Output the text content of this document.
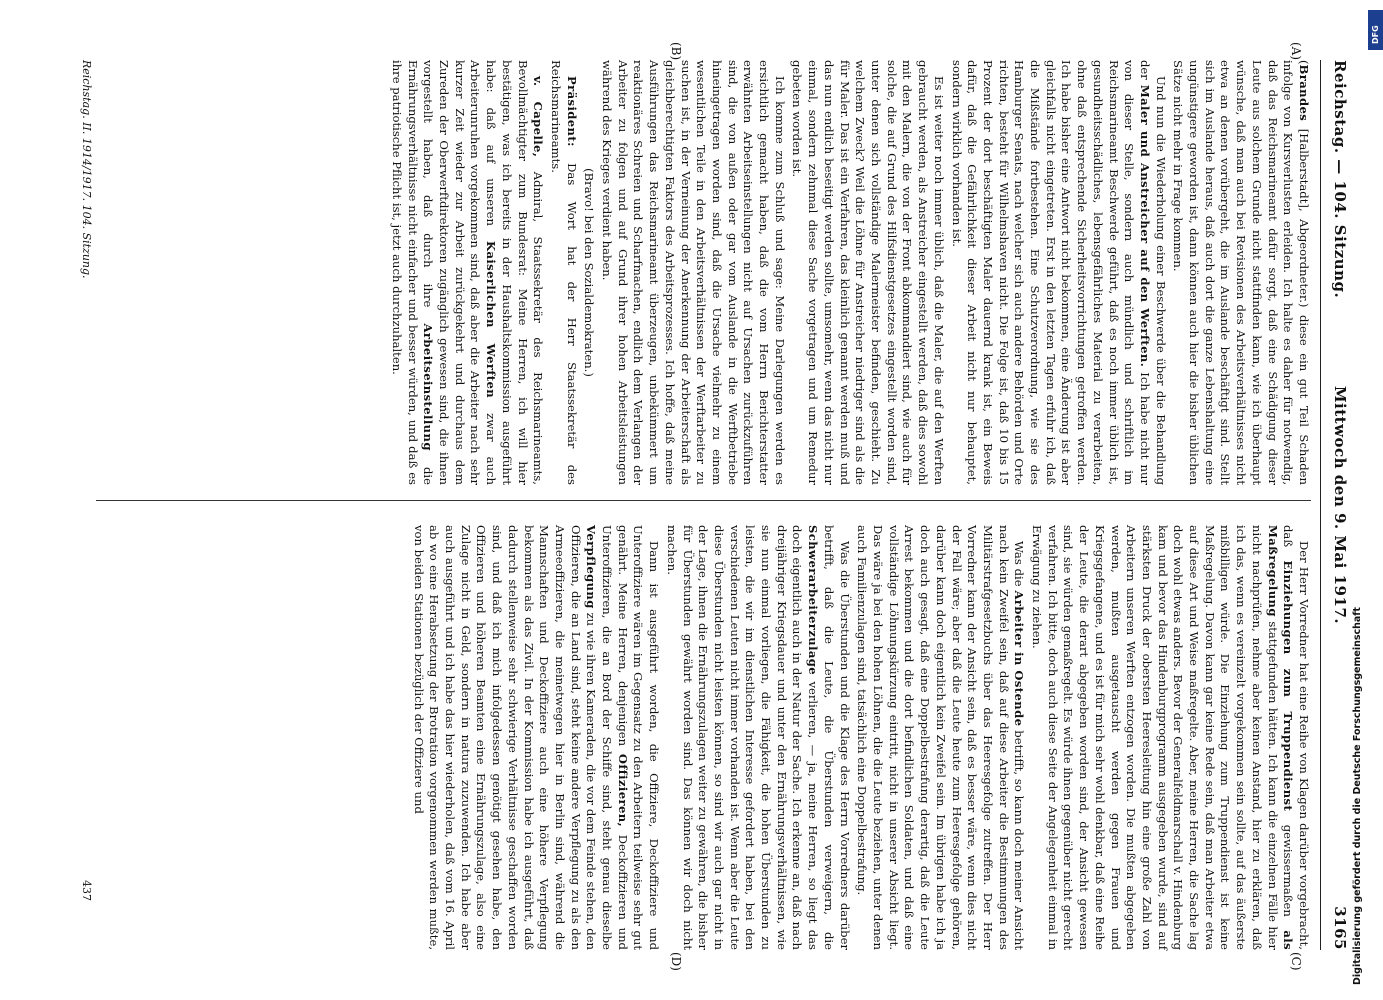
Reichstag. — 104. Sitzung.
Mittwoch den 9. Mai 1917.
3165
(A)
(B)
(C)
(D)

(Brandes [Halberstadt], Abgeordneter.) diese ein gut Teil Schaden infolge von Kursverlusten erleiden. Ich halte es daher für notwendig, daß das Reichsmarineamt dafür sorgt, daß eine Schädigung dieser Leute aus solchem Grunde nicht stattfinden kann, wie ich überhaupt wünsche, daß man auch bei Revisionen des Arbeitsverhältnisses nicht etwa an denen vorübergeht, die im Auslande beschäftigt sind. Stellt sich im Auslande heraus, daß auch dort die ganze Lebenshaltung eine ungünstigere geworden ist, dann können auch hier die bisher üblichen Sätze nicht mehr in Frage kommen.

Und nun die Wiederholung einer Beschwerde über die Behandlung der Maler und Anstreicher auf den Werften. Ich habe nicht nur von dieser Stelle, sondern auch mündlich und schriftlich im Reichsmarineamt Beschwerde geführt, daß es noch immer üblich ist, gesundheitsschädliches, lebensgefährliches Material zu verarbeiten, ohne daß entsprechende Sicherheitsvorrichtungen getroffen werden. Ich habe bisher eine Antwort nicht bekommen, eine Änderung ist aber gleichfalls nicht eingetreten. Erst in den letzten Tagen erfuhr ich, daß die Mißstände fortbestehen. Eine Schutzverordnung, wie sie des Hamburger Senats, nach welcher sich auch andere Behörden und Orte richten, besteht für Wilhelmshaven nicht. Die Folge ist, daß 10 bis 15 Prozent der dort beschäftigten Maler dauernd krank ist, ein Beweis dafür, daß die Gefährlichkeit dieser Arbeit nicht nur behauptet, sondern wirklich vorhanden ist.

Es ist weiter noch immer üblich, daß die Maler, die auf den Werften gebraucht werden, als Anstreicher eingestellt werden, daß dies sowohl mit den Malern, die von der Front abkommandiert sind, wie auch für solche, die auf Grund des Hilfsdienstgesetzes eingestellt worden sind, unter denen sich vollständige Malermeister befinden, geschieht. Zu welchem Zweck? Weil die Löhne für Anstreicher niedriger sind als die für Maler. Das ist ein Verfahren, das kleinlich genannt werden muß und das nun endlich beseitigt werden sollte, umsomehr, wenn das nicht nur einmal, sondern zehnmal diese Sache vorgetragen und um Remedur gebeten worden ist.

Ich komme zum Schluß und sage: Meine Darlegungen werden es ersichtlich gemacht haben, daß die vom Herrn Berichterstatter erwähnten Arbeitseinstellungen nicht auf Ursachen zurückzuführen sind, die von außen oder gar vom Auslande in die Werftbetriebe hineingetragen worden sind, daß die Ursache vielmehr zu einem wesentlichen Teile in den Arbeitsverhältnissen der Werftarbeiter zu suchen ist, in der Verneinung der Anerkennung der Arbeiterschaft als gleichberechtigten Faktors des Arbeitsprozesses. Ich hoffe, daß meine Ausführungen das Reichsmarineamt überzeugen, unbekümmert um reaktionäres Schreien und Scharfmachen, endlich dem Verlangen der Arbeiter zu folgen und auf Grund ihrer hohen Arbeitsleistungen während des Krieges verdient haben.

(Bravo! bei den Sozialdemokraten.)

Präsident: Das Wort hat der Herr Staatssekretär des Reichsmarineamts.

v. Capelle, Admiral, Staatssekretär des Reichsmarineamts, Bevollmächtigter zum Bundesrat: Meine Herren, ich will hier bestätigen, was ich bereits in der Haushaltskommission ausgeführt habe: daß auf unseren Kaiserlichen Werften zwar auch Arbeiterunruhen vorgekommen sind, daß aber die Arbeiter nach sehr kurzer Zeit wieder zur Arbeit zurückgekehrt und durchaus dem Zureden der Oberwerftdirektoren zugänglich gewesen sind, die ihnen vorgestellt haben, daß durch ihre Arbeitseinstellung die Ernährungsverhältnisse nicht einfacher und besser würden, und daß es ihre patriotische Pflicht ist, jetzt auch durchzuhalten.

Der Herr Vorredner hat eine Reihe von Klagen darüber vorgebracht, daß Einziehungen zum Truppendienst gewissermaßen als Maßregelung stattgefunden hätten. Ich kann die einzelnen Fälle hier nicht nachprüfen, nehme aber keinen Anstand, hier zu erklären, daß ich das, wenn es vereinzelt vorgekommen sein sollte, auf das äußerste mißbilligen würde. Die Einziehung zum Truppendienst ist keine Maßregelung. Davon kann gar keine Rede sein, daß man Arbeiter etwa auf diese Art und Weise maßregelte. Aber, meine Herren, die Sache lag doch wohl etwas anders. Bevor der Generalfeldmarschall v. Hindenburg kam und bevor das Hindenburgprogramm ausgegeben wurde, sind auf stärksten Druck der obersten Heeresleitung hin eine große Zahl von Arbeitern unseren Werften entzogen worden. Die mußten abgegeben werden, mußten ausgetauscht werden gegen Frauen und Kriegsgefangene, und es ist für mich sehr wohl denkbar, daß eine Reihe der Leute, die derart abgegeben worden sind, der Ansicht gewesen sind, sie würden gemaßregelt. Es würde ihnen gegenüber nicht gerecht verfahren. Ich bitte, doch auch diese Seite der Angelegenheit einmal in Erwägung zu ziehen.

Was die Arbeiter in Ostende betrifft, so kann doch meiner Ansicht nach kein Zweifel sein, daß auf diese Arbeiter die Bestimmungen des Militärstrafgesetzbuchs über das Heeresgefolge zutreffen. Der Herr Vorredner kann der Ansicht sein, daß es besser wäre, wenn dies nicht der Fall wäre; aber daß die Leute heute zum Heeresgefolge gehören, darüber kann doch eigentlich kein Zweifel sein. Im übrigen habe ich ja doch auch gesagt, daß eine Doppelbestrafung derartig, daß die Leute Arrest bekommen und die dort befindlichen Soldaten, und daß eine vollständige Löhnungskürzung eintritt, nicht in unserer Absicht liegt. Das wäre ja bei den hohen Löhnen, die die Leute beziehen, unter denen auch Familienzulagen sind, tatsächlich eine Doppelbestrafung.

Was die Überstunden und die Klage des Herrn Vorredners darüber betrifft, daß die Leute, die Überstunden verweigern, die Schwerarbeiterzulage verlieren, — ja, meine Herren, so liegt das doch eigentlich auch in der Natur der Sache. Ich erkenne an, daß nach dreijähriger Kriegsdauer und unter den Ernährungsverhältnissen, wie sie nun einmal vorliegen, die Fähigkeit, die hohen Überstunden zu leisten, die wir im dienstlichen Interesse gefordert haben, bei den verschiedenen Leuten nicht immer vorhanden ist. Wenn aber die Leute diese Überstunden nicht leisten können, so sind wir auch gar nicht in der Lage, ihnen die Ernährungszulagen weiter zu gewähren, die bisher für Überstunden gewährt worden sind. Das können wir doch nicht machen.

Dann ist ausgeführt worden, die Offiziere, Deckoffiziere und Unteroffiziere wären im Gegensatz zu den Arbeitern teilweise sehr gut genährt. Meine Herren, denjenigen Offizieren, Deckoffizieren und Unteroffizieren, die an Bord der Schiffe sind, steht genau dieselbe Verpflegung zu wie ihren Kameraden, die vor dem Feinde stehen, den Offizieren, die an Land sind, steht keine andere Verpflegung zu als den Armeeoffizieren, die meinetwegen hier in Berlin sind, während die Mannschaften und Deckoffiziere auch eine höhere Verpflegung bekommen als das Zivil. In der Kommission habe ich ausgeführt, daß dadurch stellenweise sehr schwierige Verhältnisse geschaffen worden sind, und daß ich mich infolgedessen genötigt gesehen habe, den Offizieren und höheren Beamten eine Ernährungszulage, also eine Zulage nicht in Geld, sondern in natura zuzuwenden. Ich habe aber auch ausgeführt und ich habe das hier wiederholen, daß vom 16. April ab wo eine Herabsetzung der Brotration vorgenommen werden mußte, von beiden Stationen bezüglich der Offiziere und

Reichstag. II. 1914/1917. 104. Sitzung.
437	Digitalisierung gefördert durch die Deutsche Forschungsgemeinschaft
DFG
